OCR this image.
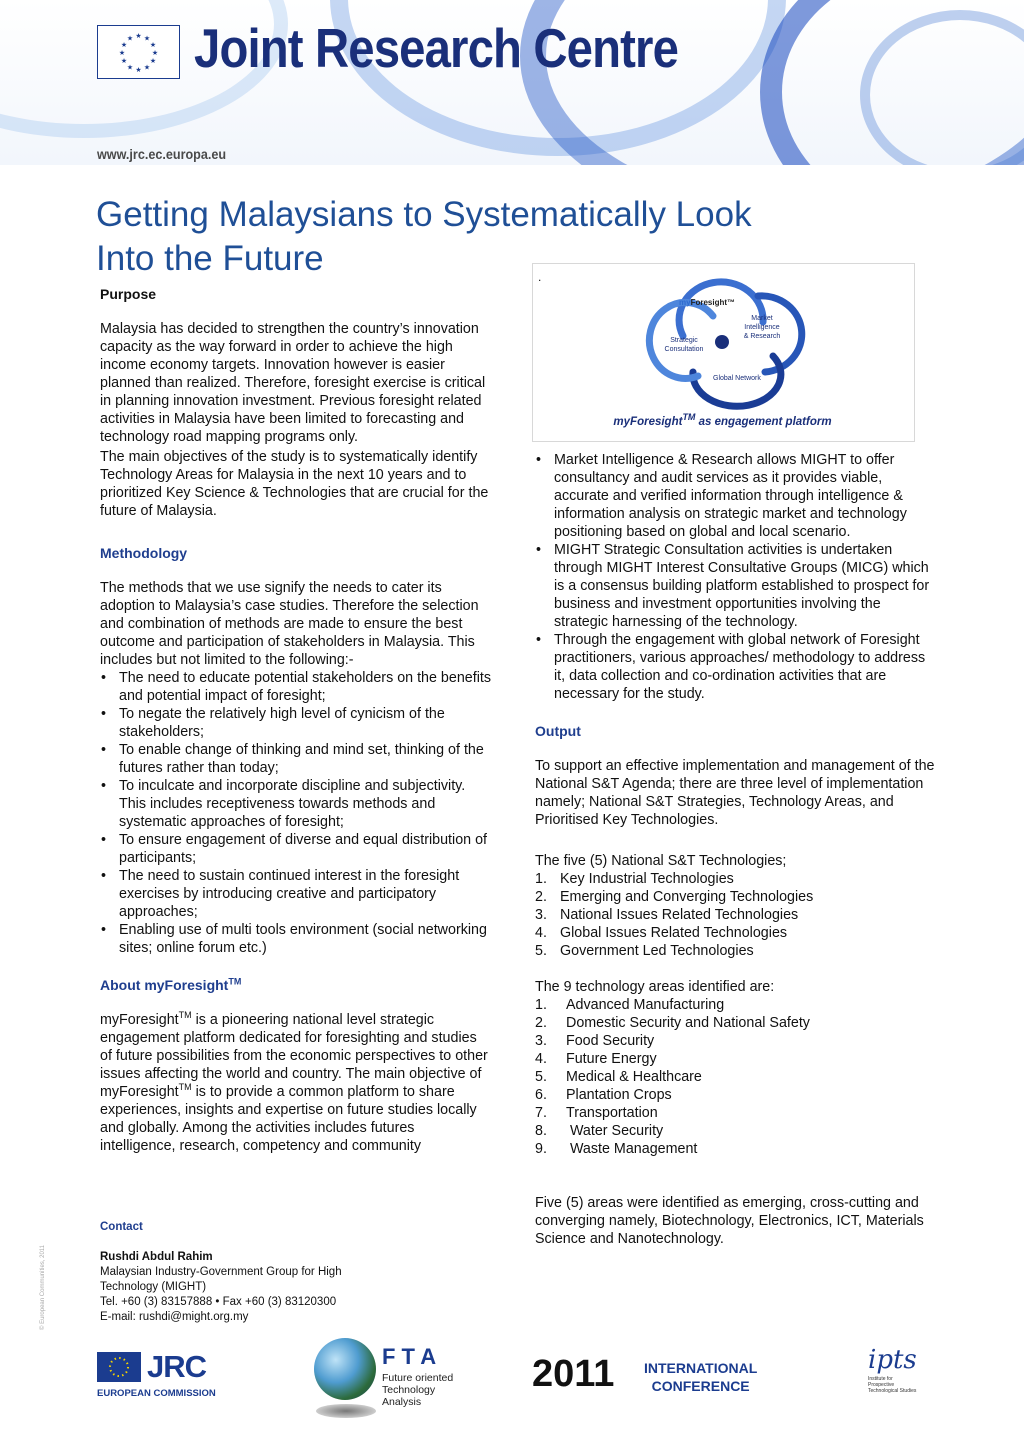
★ ★
★
★
★
★
★
★
★
★
★
★ Joint Research Centre
www.jrc.ec.europa.eu
Getting Malaysians to Systematically Look
Into the Future

Purpose

Malaysia has decided to strengthen the country’s innovation capacity as the way forward in order to achieve the high income economy targets. Innovation however is easier planned than realized. Therefore, foresight exercise is critical in planning innovation investment. Previous foresight related activities in Malaysia have been limited to forecasting and technology road mapping programs only.

The main objectives of the study is to systematically identify Technology Areas for Malaysia in the next 10 years and to prioritized Key Science & Technologies that are crucial for the future of Malaysia.

Methodology

The methods that we use signify the needs to cater its adoption to Malaysia’s case studies. Therefore the selection and combination of methods are made to ensure the best outcome and participation of stakeholders in Malaysia. This includes but not limited to the following:-

• The need to educate potential stakeholders on the benefits and potential impact of foresight;
• To negate the relatively high level of cynicism of the stakeholders;
• To enable change of thinking and mind set, thinking of the futures rather than today;
• To inculcate and incorporate discipline and subjectivity. This includes receptiveness towards methods and systematic approaches of foresight;
• To ensure engagement of diverse and equal distribution of participants;
• The need to sustain continued interest in the foresight exercises by introducing creative and participatory approaches;
• Enabling use of multi tools environment (social networking sites; online forum etc.)

About myForesight™

myForesight™ is a pioneering national level strategic engagement platform dedicated for foresighting and studies of future possibilities from the economic perspectives to other issues affecting the world and country. The main objective of myForesight™ is to provide a common platform to share experiences, insights and expertise on future studies locally and globally. Among the activities includes futures intelligence, research, competency and community

Contact
Rushdi Abdul Rahim
Malaysian Industry-Government Group for High Technology (MIGHT)
Tel. +60 (3) 83157888 • Fax +60 (3) 83120300
E-mail: rushdi@might.org.my
.
myForesight™
Market
Intelligence
& Research
Strategic
Consultation
Global Network
myForesight™ as engagement platform
• Market Intelligence & Research allows MIGHT to offer consultancy and audit services as it provides viable, accurate and verified information through intelligence & information analysis on strategic market and technology positioning based on global and local scenario.
• MIGHT Strategic Consultation activities is undertaken through MIGHT Interest Consultative Groups (MICG) which is a consensus building platform established to prospect for business and investment opportunities involving the strategic harnessing of the technology.
• Through the engagement with global network of Foresight practitioners, various approaches/ methodology to address it, data collection and co-ordination activities that are necessary for the study.

Output

To support an effective implementation and management of the National S&T Agenda; there are three level of implementation namely; National S&T Strategies, Technology Areas, and Prioritised Key Technologies.

The five (5) National S&T Technologies;

1. Key Industrial Technologies
2. Emerging and Converging Technologies
3. National Issues Related Technologies
4. Global Issues Related Technologies
5. Government Led Technologies

The 9 technology areas identified are:

1. Advanced Manufacturing
2. Domestic Security and National Safety
3. Food Security
4. Future Energy
5. Medical & Healthcare
6. Plantation Crops
7. Transportation
8. Water Security
9. Waste Management

Five (5) areas were identified as emerging, cross-cutting and converging namely, Biotechnology, Electronics, ICT, Materials Science and Nanotechnology.

© European Communities, 2011
JRC
EUROPEAN COMMISSION
F T A
Future oriented
Technology
Analysis
2011 INTERNATIONAL
CONFERENCE
ipts
Institute for
Prospective
Technological Studies
